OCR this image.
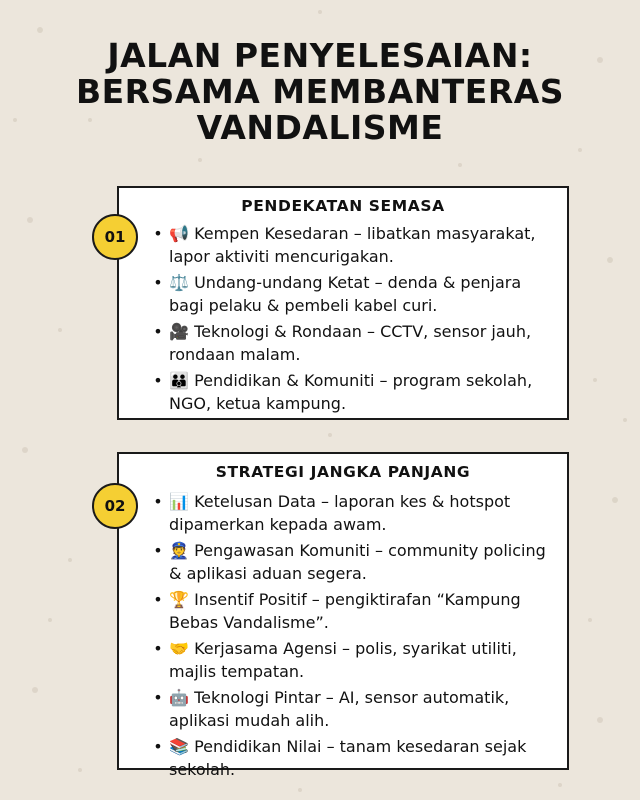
JALAN PENYELESAIAN:
BERSAMA MEMBANTERAS
VANDALISME
01
PENDEKATAN SEMASA
• 📢 Kempen Kesedaran – libatkan masyarakat, lapor aktiviti mencurigakan.
• ⚖️ Undang-undang Ketat – denda & penjara bagi pelaku & pembeli kabel curi.
• 🎥 Teknologi & Rondaan – CCTV, sensor jauh, rondaan malam.
• 👪 Pendidikan & Komuniti – program sekolah, NGO, ketua kampung.
02
STRATEGI JANGKA PANJANG
• 📊 Ketelusan Data – laporan kes & hotspot dipamerkan kepada awam.
• 👮 Pengawasan Komuniti – community policing & aplikasi aduan segera.
• 🏆 Insentif Positif – pengiktirafan “Kampung Bebas Vandalisme”.
• 🤝 Kerjasama Agensi – polis, syarikat utiliti, majlis tempatan.
• 🤖 Teknologi Pintar – AI, sensor automatik, aplikasi mudah alih.
• 📚 Pendidikan Nilai – tanam kesedaran sejak sekolah.
